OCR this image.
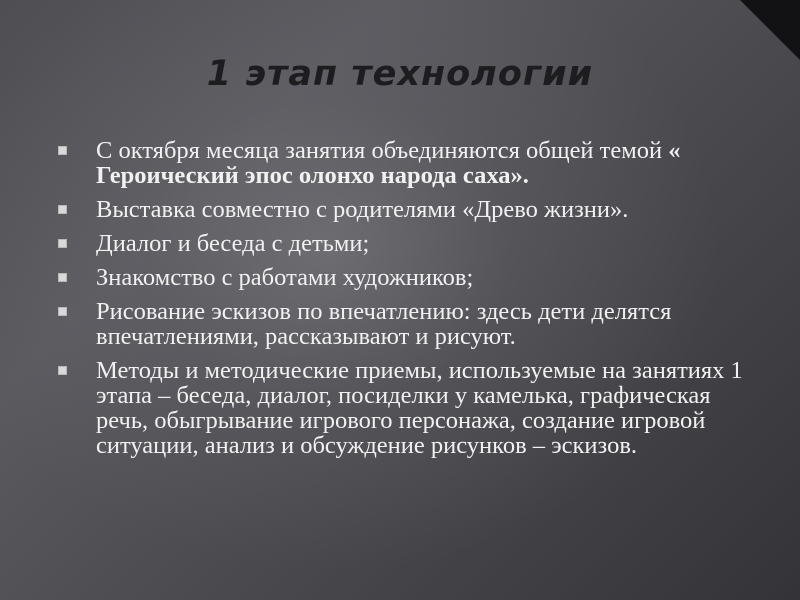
1 этап технологии
С октября месяца занятия объединяются общей темой « Героический эпос олонхо народа саха».
Выставка совместно с родителями «Древо жизни».
Диалог и беседа с детьми;
Знакомство с работами художников;
Рисование эскизов по впечатлению: здесь дети делятся впечатлениями, рассказывают и рисуют.
Методы и методические приемы, используемые на занятиях 1 этапа – беседа, диалог, посиделки у камелька, графическая речь, обыгрывание игрового персонажа, создание игровой ситуации, анализ и обсуждение рисунков – эскизов.
